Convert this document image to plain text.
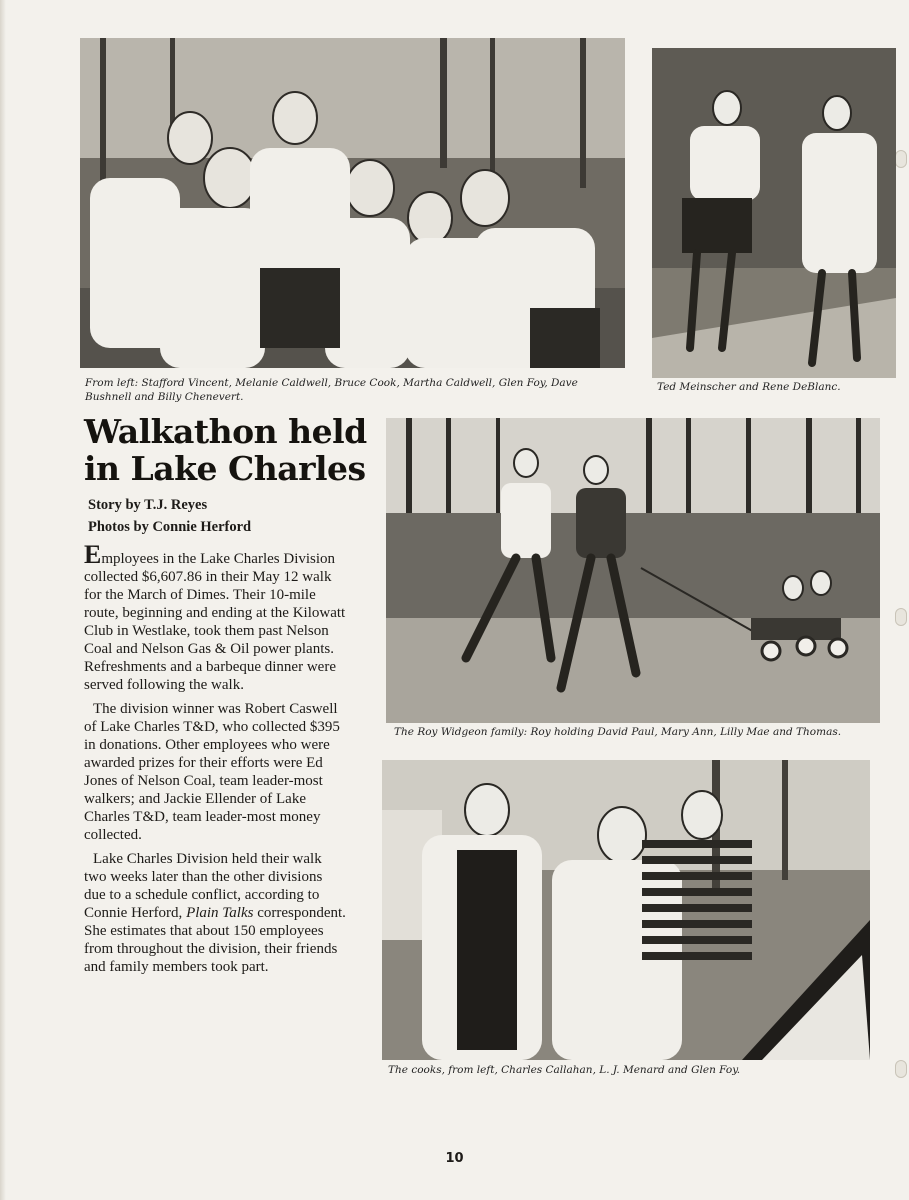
From left: Stafford Vincent, Melanie Caldwell, Bruce Cook, Martha Caldwell, Glen Foy, Dave Bushnell and Billy Chenevert.
Ted Meinscher and Rene DeBlanc.
Walkathon held
in Lake Charles
Story by T.J. Reyes
Photos by Connie Herford

Employees in the Lake Charles Division collected $6,607.86 in their May 12 walk for the March of Dimes. Their 10-mile route, beginning and ending at the Kilowatt Club in Westlake, took them past Nelson Coal and Nelson Gas & Oil power plants. Refreshments and a barbeque dinner were served following the walk.

The division winner was Robert Caswell of Lake Charles T&D, who collected $395 in donations. Other employees who were awarded prizes for their efforts were Ed Jones of Nelson Coal, team leader-most walkers; and Jackie Ellender of Lake Charles T&D, team leader-most money collected.

Lake Charles Division held their walk two weeks later than the other divisions due to a schedule conflict, according to Connie Herford, Plain Talks correspondent. She estimates that about 150 employees from throughout the division, their friends and family members took part.

The Roy Widgeon family: Roy holding David Paul, Mary Ann, Lilly Mae and Thomas.
The cooks, from left, Charles Callahan, L. J. Menard and Glen Foy.
10
